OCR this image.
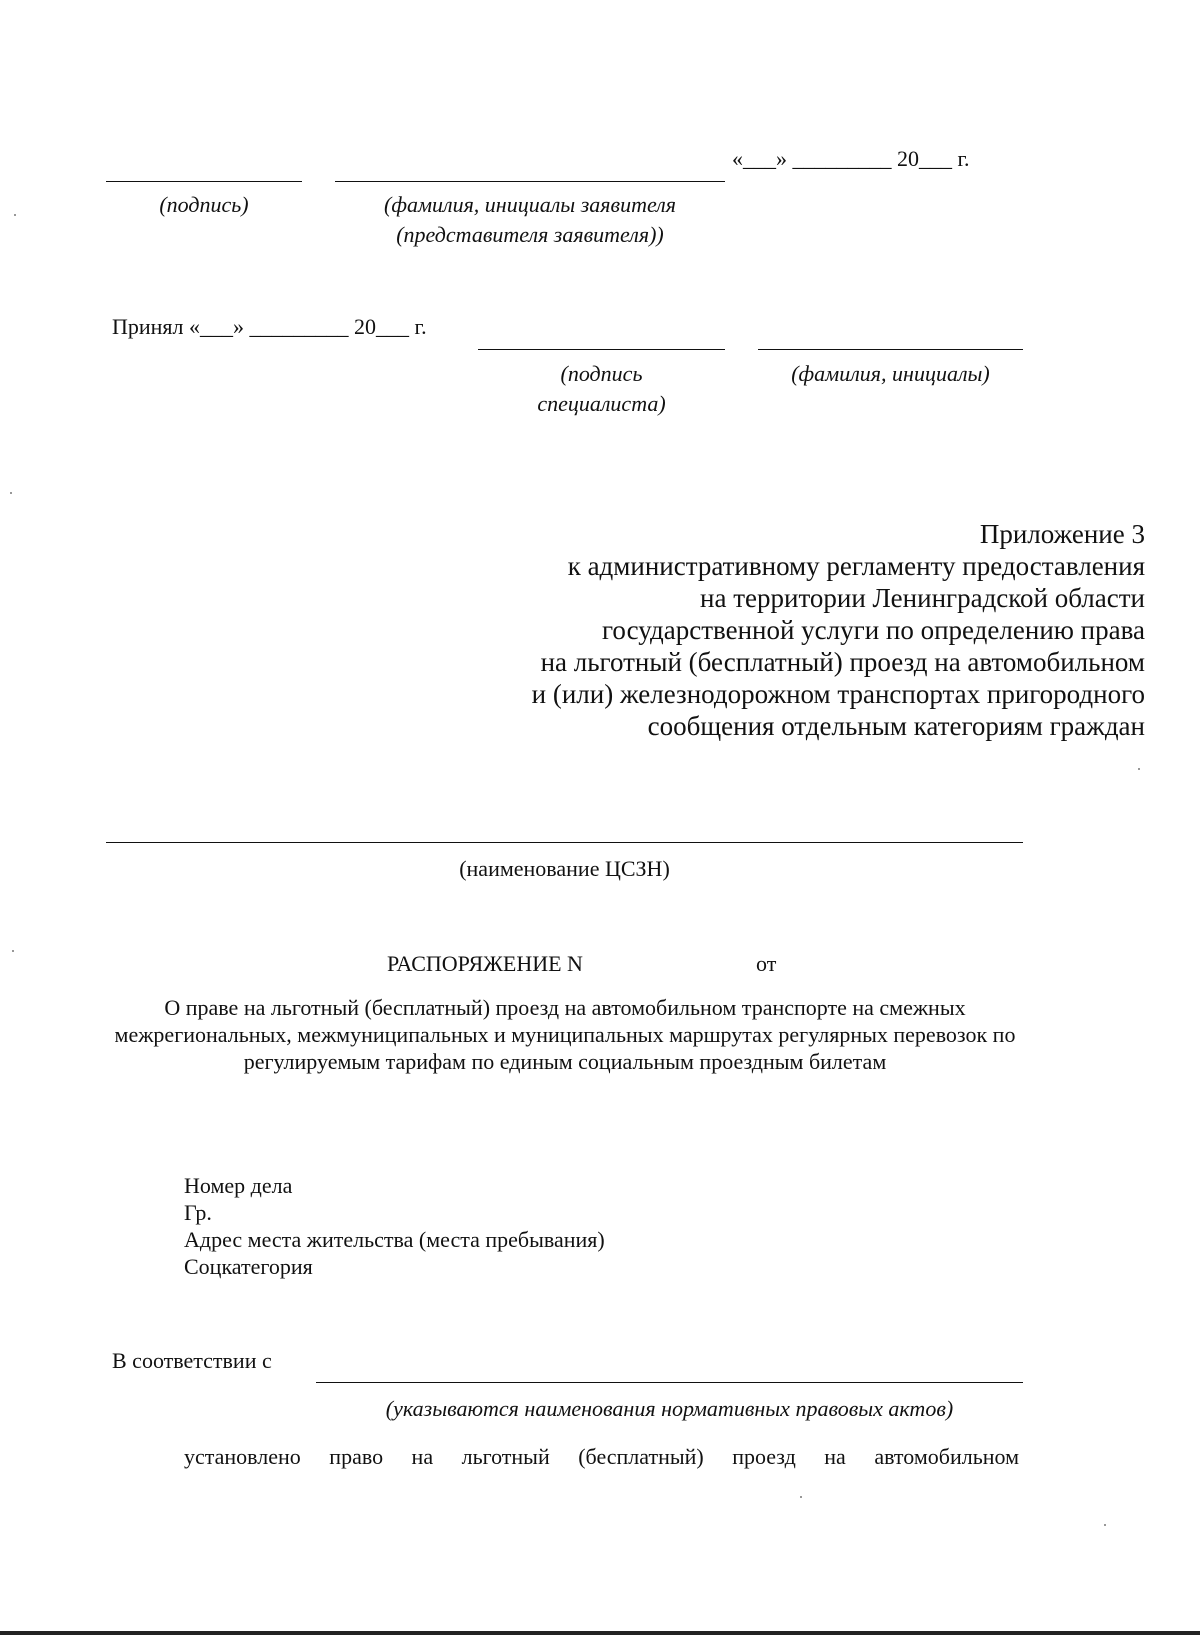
«___» _________ 20___ г.
(подпись)	(фамилия, инициалы заявителя
(представителя заявителя))
Принял «___» _________ 20___ г.
(подпись
специалиста)
(фамилия, инициалы)
Приложение 3
к административному регламенту предоставления
на территории Ленинградской области
государственной услуги по определению права
на льготный (бесплатный) проезд на автомобильном
и (или) железнодорожном транспортах пригородного
сообщения отдельным категориям граждан
(наименование ЦСЗН)
РАСПОРЯЖЕНИЕ N	от
О праве на льготный (бесплатный) проезд на автомобильном транспорте на смежных межрегиональных, межмуниципальных и муниципальных маршрутах регулярных перевозок по регулируемым тарифам по единым социальным проездным билетам
Номер дела
Гр.
Адрес места жительства (места пребывания)
Соцкатегория
В соответствии с
(указываются наименования нормативных правовых актов)
установлено право на льготный (бесплатный) проезд на автомобильном
